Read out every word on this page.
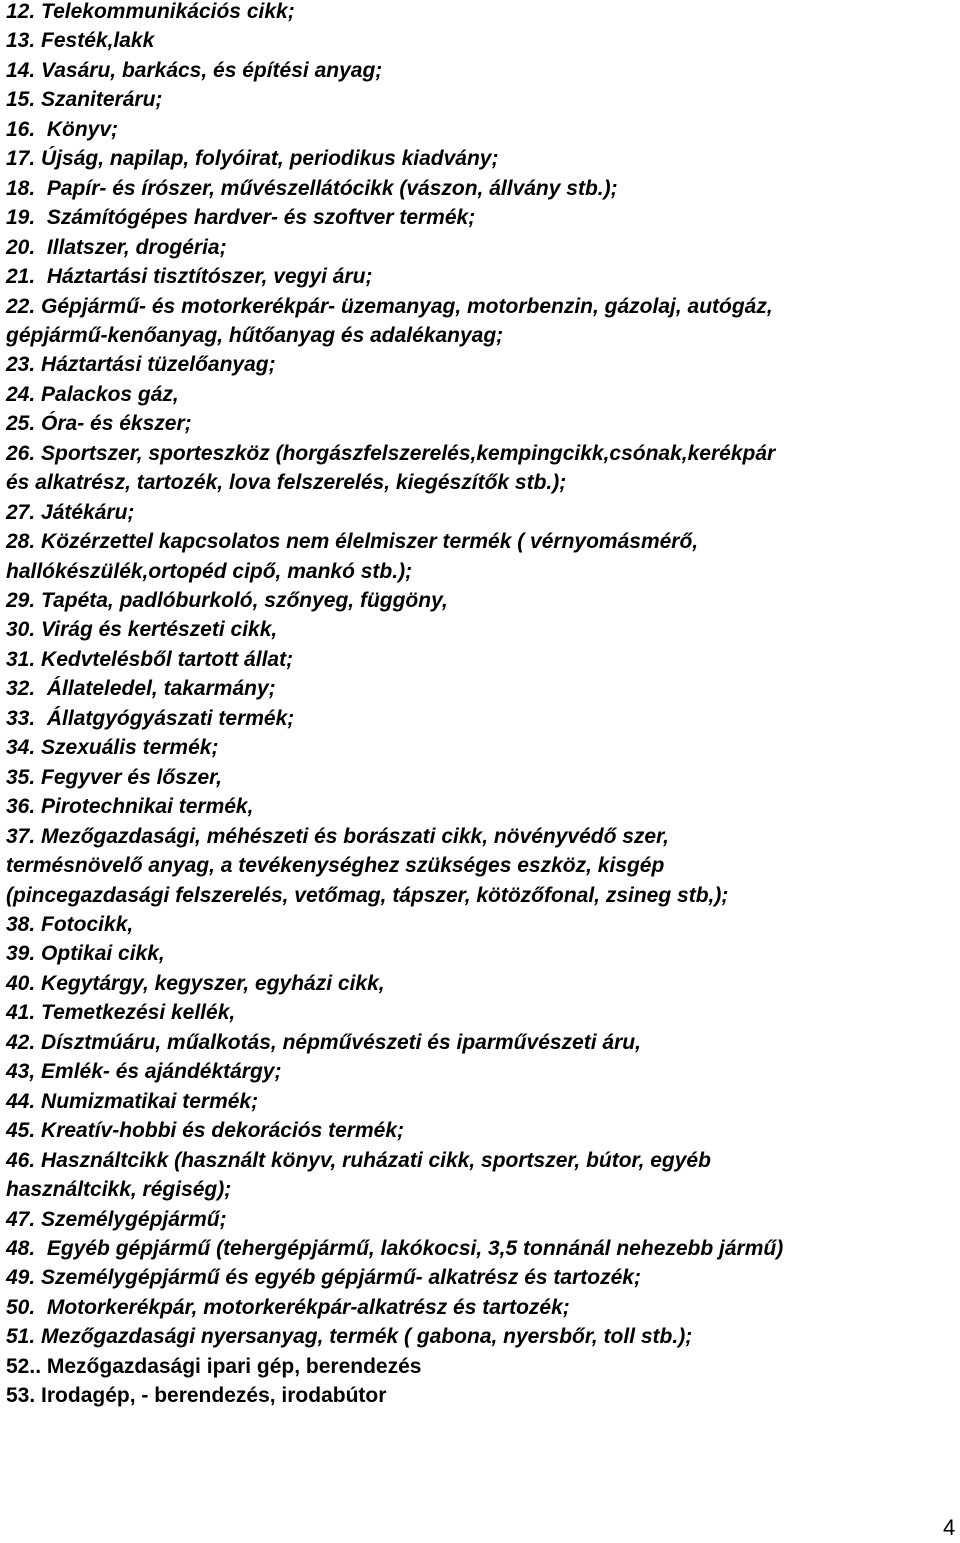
12. Telekommunikációs cikk;
13. Festék,lakk
14. Vasáru, barkács, és építési anyag;
15. Szaniteráru;
16.  Könyv;
17. Újság, napilap, folyóirat, periodikus kiadvány;
18.  Papír- és írószer, művészellátócikk (vászon, állvány stb.);
19.  Számítógépes hardver- és szoftver termék;
20.  Illatszer, drogéria;
21.  Háztartási tisztítószer, vegyi áru;
22. Gépjármű- és motorkerékpár- üzemanyag, motorbenzin, gázolaj, autógáz,
gépjármű-kenőanyag, hűtőanyag és adalékanyag;
23. Háztartási tüzelőanyag;
24. Palackos gáz,
25. Óra- és ékszer;
26. Sportszer, sporteszköz (horgászfelszerelés,kempingcikk,csónak,kerékpár
és alkatrész, tartozék, lova felszerelés, kiegészítők stb.);
27. Játékáru;
28. Közérzettel kapcsolatos nem élelmiszer termék ( vérnyomásmérő,
hallókészülék,ortopéd cipő, mankó stb.);
29. Tapéta, padlóburkoló, szőnyeg, függöny,
30. Virág és kertészeti cikk,
31. Kedvtelésből tartott állat;
32.  Állateledel, takarmány;
33.  Állatgyógyászati termék;
34. Szexuális termék;
35. Fegyver és lőszer,
36. Pirotechnikai termék,
37. Mezőgazdasági, méhészeti és borászati cikk, növényvédő szer,
termésnövelő anyag, a tevékenységhez szükséges eszköz, kisgép
(pincegazdasági felszerelés, vetőmag, tápszer, kötözőfonal, zsineg stb,);
38. Fotocikk,
39. Optikai cikk,
40. Kegytárgy, kegyszer, egyházi cikk,
41. Temetkezési kellék,
42. Dísztmúáru, műalkotás, népművészeti és iparművészeti áru,
43, Emlék- és ajándéktárgy;
44. Numizmatikai termék;
45. Kreatív-hobbi és dekorációs termék;
46. Használtcikk (használt könyv, ruházati cikk, sportszer, bútor, egyéb
használtcikk, régiség);
47. Személygépjármű;
48.  Egyéb gépjármű (tehergépjármű, lakókocsi, 3,5 tonnánál nehezebb jármű)
49. Személygépjármű és egyéb gépjármű- alkatrész és tartozék;
50.  Motorkerékpár, motorkerékpár-alkatrész és tartozék;
51. Mezőgazdasági nyersanyag, termék ( gabona, nyersbőr, toll stb.);
52.. Mezőgazdasági ipari gép, berendezés
53. Irodagép, - berendezés, irodabútor
4
